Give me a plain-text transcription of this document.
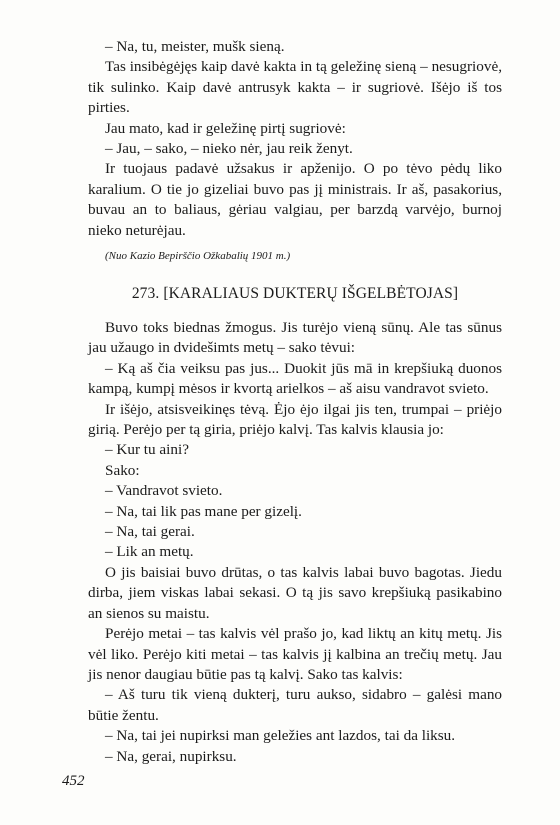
– Na, tu, meister, mušk sieną.

Tas insibėgėjęs kaip davė kakta in tą geležinę sieną – nesugriovė, tik sulinko. Kaip davė antrusyk kakta – ir sugriovė. Išėjo iš tos pirties.

Jau mato, kad ir geležinę pirtį sugriovė:

– Jau, – sako, – nieko nėr, jau reik ženyt.

Ir tuojaus padavė užsakus ir apženijo. O po tėvo pėdų liko karalium. O tie jo gizeliai buvo pas jį ministrais. Ir aš, pasakorius, buvau an to baliaus, gėriau valgiau, per barzdą varvėjo, burnoj nieko neturėjau.

(Nuo Kazio Bepirščio Ožkabalių 1901 m.)

273. [KARALIAUS DUKTERŲ IŠGELBĖTOJAS]

Buvo toks biednas žmogus. Jis turėjo vieną sūnų. Ale tas sūnus jau užaugo in dvidešimts metų – sako tėvui:

– Ką aš čia veiksu pas jus... Duokit jūs mā in krepšiuką duonos kampą, kumpį mėsos ir kvortą arielkos – aš aisu vandravot svieto.

Ir išėjo, atsisveikinęs tėvą. Ėjo ėjo ilgai jis ten, trumpai – priėjo girią. Perėjo per tą giria, priėjo kalvį. Tas kalvis klausia jo:

– Kur tu aini?

Sako:

– Vandravot svieto.

– Na, tai lik pas mane per gizelį.

– Na, tai gerai.

– Lik an metų.

O jis baisiai buvo drūtas, o tas kalvis labai buvo bagotas. Jiedu dirba, jiem viskas labai sekasi. O tą jis savo krepšiuką pasikabino an sienos su maistu.

Perėjo metai – tas kalvis vėl prašo jo, kad liktų an kitų metų. Jis vėl liko. Perėjo kiti metai – tas kalvis jį kalbina an trečių metų. Jau jis nenor daugiau būtie pas tą kalvį. Sako tas kalvis:

– Aš turu tik vieną dukterį, turu aukso, sidabro – galėsi mano būtie žentu.

– Na, tai jei nupirksi man geležies ant lazdos, tai da liksu.

– Na, gerai, nupirksu.

452
